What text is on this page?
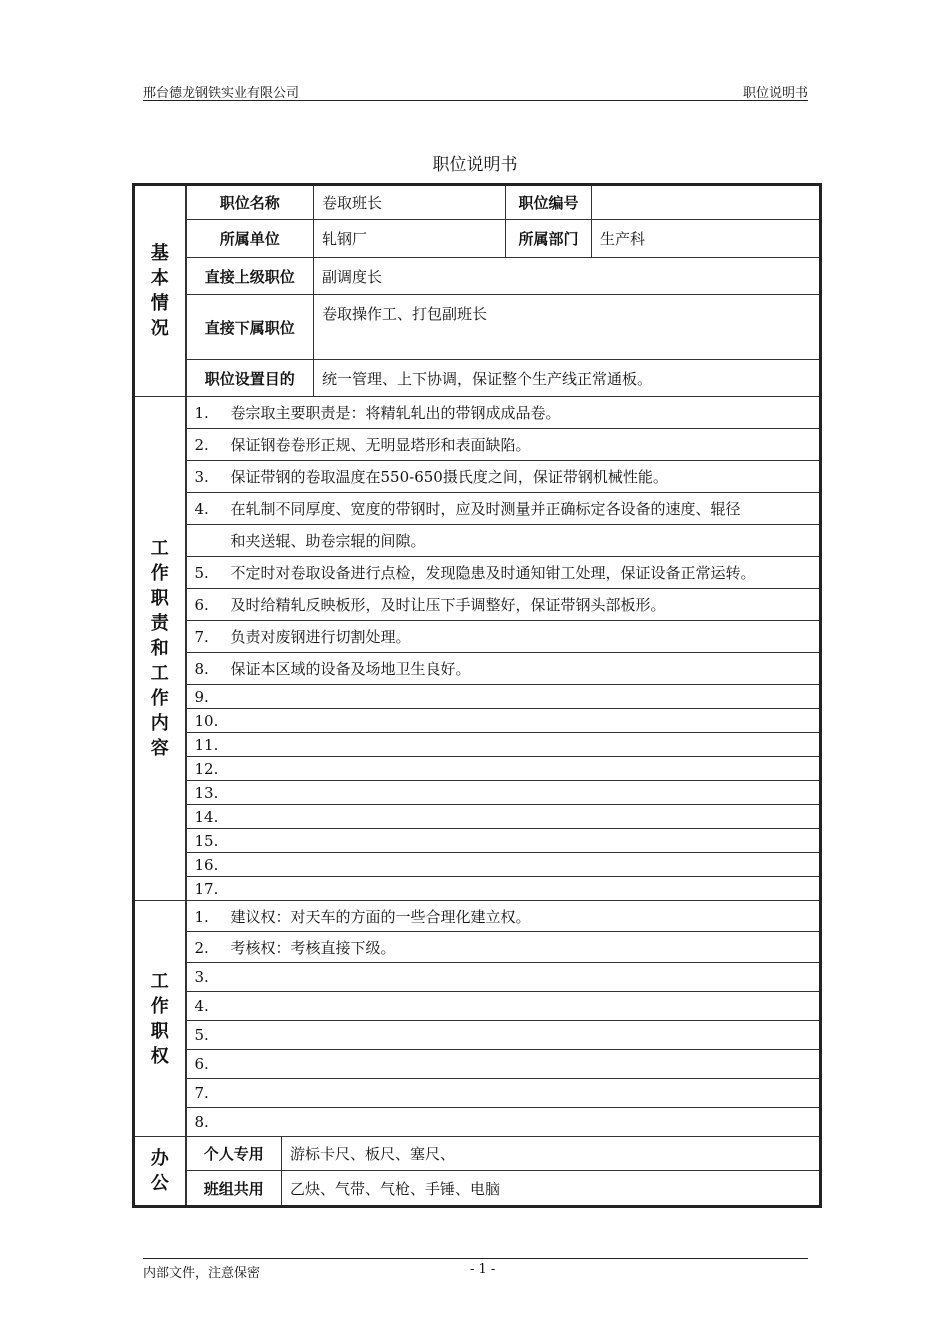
邢台德龙钢铁实业有限公司	职位说明书
职位说明书
基本情况	职位名称		卷取班长	职位编号	
	所属单位		轧钢厂	所属部门	生产科
	直接上级职位		副调度长		
	直接下属职位		卷取操作工、打包副班长		
	职位设置目的		统一管理、上下协调，保证整个生产线正常通板。		
工作职责和工作内容	1. 卷宗取主要职责是：将精轧轧出的带钢成成品卷。				
	2. 保证钢卷卷形正规、无明显塔形和表面缺陷。				
	3. 保证带钢的卷取温度在550-650摄氏度之间，保证带钢机械性能。				
	4. 在轧制不同厚度、宽度的带钢时，应及时测量并正确标定各设备的速度、辊径				
	和夹送辊、助卷宗辊的间隙。				
	5. 不定时对卷取设备进行点检，发现隐患及时通知钳工处理，保证设备正常运转。				
	6. 及时给精轧反映板形，及时让压下手调整好，保证带钢头部板形。				
	7. 负责对废钢进行切割处理。				
	8. 保证本区域的设备及场地卫生良好。				
	9.				
	10.				
	11.				
	12.				
	13.				
	14.				
	15.				
	16.				
	17.				
工作职权	1. 建议权：对天车的方面的一些合理化建立权。				
	2. 考核权：考核直接下级。				
	3.				
	4.				
	5.				
	6.				
	7.				
	8.				
办公	个人专用	游标卡尺、板尺、塞尺、			
	班组共用	乙炔、气带、气枪、手锤、电脑			
内部文件，注意保密	- 1 -
